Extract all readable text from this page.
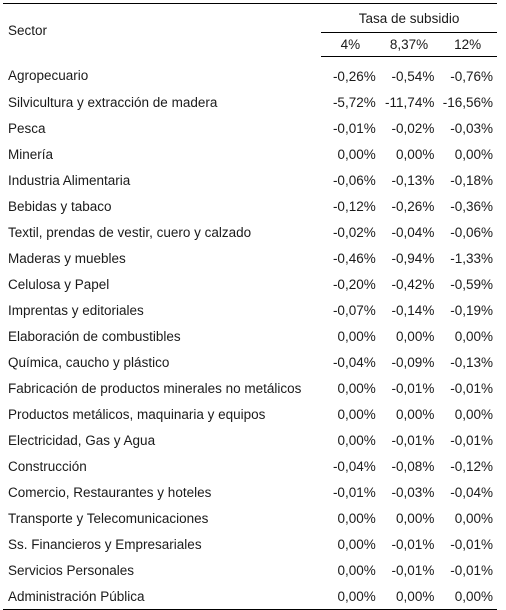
Sector	Tasa de subsidio		
	4%	8,37%	12%
Agropecuario	-0,26%	-0,54%	-0,76%
Silvicultura y extracción de madera	-5,72%	-11,74%	-16,56%
Pesca	-0,01%	-0,02%	-0,03%
Minería	0,00%	0,00%	0,00%
Industria Alimentaria	-0,06%	-0,13%	-0,18%
Bebidas y tabaco	-0,12%	-0,26%	-0,36%
Textil, prendas de vestir, cuero y calzado	-0,02%	-0,04%	-0,06%
Maderas y muebles	-0,46%	-0,94%	-1,33%
Celulosa y Papel	-0,20%	-0,42%	-0,59%
Imprentas y editoriales	-0,07%	-0,14%	-0,19%
Elaboración de combustibles	0,00%	0,00%	0,00%
Química, caucho y plástico	-0,04%	-0,09%	-0,13%
Fabricación de productos minerales no metálicos	0,00%	-0,01%	-0,01%
Productos metálicos, maquinaria y equipos	0,00%	0,00%	0,00%
Electricidad, Gas y Agua	0,00%	-0,01%	-0,01%
Construcción	-0,04%	-0,08%	-0,12%
Comercio, Restaurantes y hoteles	-0,01%	-0,03%	-0,04%
Transporte y Telecomunicaciones	0,00%	0,00%	0,00%
Ss. Financieros y Empresariales	0,00%	-0,01%	-0,01%
Servicios Personales	0,00%	-0,01%	-0,01%
Administración Pública	0,00%	0,00%	0,00%
